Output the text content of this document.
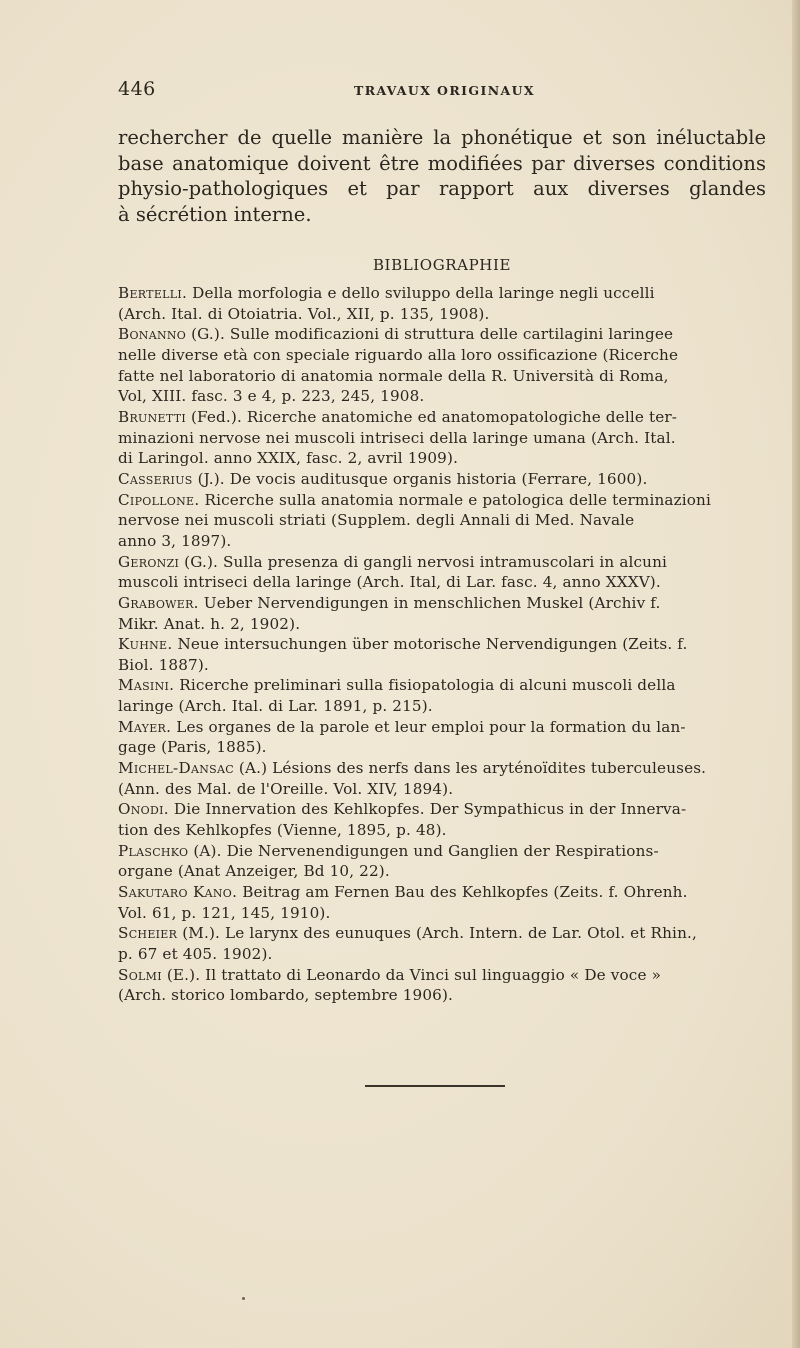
446	TRAVAUX ORIGINAUX

rechercher de quelle manière la phonétique et son inéluctable
base anatomique doivent être modifiées par diverses conditions
physio-pathologiques et par rapport aux diverses glandes
à sécrétion interne.

BIBLIOGRAPHIE

Bertelli. Della morfologia e dello sviluppo della laringe negli uccelli
(Arch. Ital. di Otoiatria. Vol., XII, p. 135, 1908).

Bonanno (G.). Sulle modificazioni di struttura delle cartilagini laringee
nelle diverse età con speciale riguardo alla loro ossificazione (Ricerche
fatte nel laboratorio di anatomia normale della R. Università di Roma,
Vol, XIII. fasc. 3 e 4, p. 223, 245, 1908.

Brunetti (Fed.). Ricerche anatomiche ed anatomopatologiche delle ter-
minazioni nervose nei muscoli intriseci della laringe umana (Arch. Ital.
di Laringol. anno XXIX, fasc. 2, avril 1909).

Casserius (J.). De vocis auditusque organis historia (Ferrare, 1600).

Cipollone. Ricerche sulla anatomia normale e patologica delle terminazioni
nervose nei muscoli striati (Supplem. degli Annali di Med. Navale
anno 3, 1897).

Geronzi (G.). Sulla presenza di gangli nervosi intramuscolari in alcuni
muscoli intriseci della laringe (Arch. Ital, di Lar. fasc. 4, anno XXXV).

Grabower. Ueber Nervendigungen in menschlichen Muskel (Archiv f.
Mikr. Anat. h. 2, 1902).

Kuhne. Neue intersuchungen über motorische Nervendigungen (Zeits. f.
Biol. 1887).

Masini. Ricerche preliminari sulla fisiopatologia di alcuni muscoli della
laringe (Arch. Ital. di Lar. 1891, p. 215).

Mayer. Les organes de la parole et leur emploi pour la formation du lan-
gage (Paris, 1885).

Michel-Dansac (A.) Lésions des nerfs dans les aryténoïdites tuberculeuses.
(Ann. des Mal. de l'Oreille. Vol. XIV, 1894).

Onodi. Die Innervation des Kehlkopfes. Der Sympathicus in der Innerva-
tion des Kehlkopfes (Vienne, 1895, p. 48).

Plaschko (A). Die Nervenendigungen und Ganglien der Respirations-
organe (Anat Anzeiger, Bd 10, 22).

Sakutaro Kano. Beitrag am Fernen Bau des Kehlkopfes (Zeits. f. Ohrenh.
Vol. 61, p. 121, 145, 1910).

Scheier (M.). Le larynx des eunuques (Arch. Intern. de Lar. Otol. et Rhin.,
p. 67 et 405. 1902).

Solmi (E.). Il trattato di Leonardo da Vinci sul linguaggio « De voce »
(Arch. storico lombardo, septembre 1906).
